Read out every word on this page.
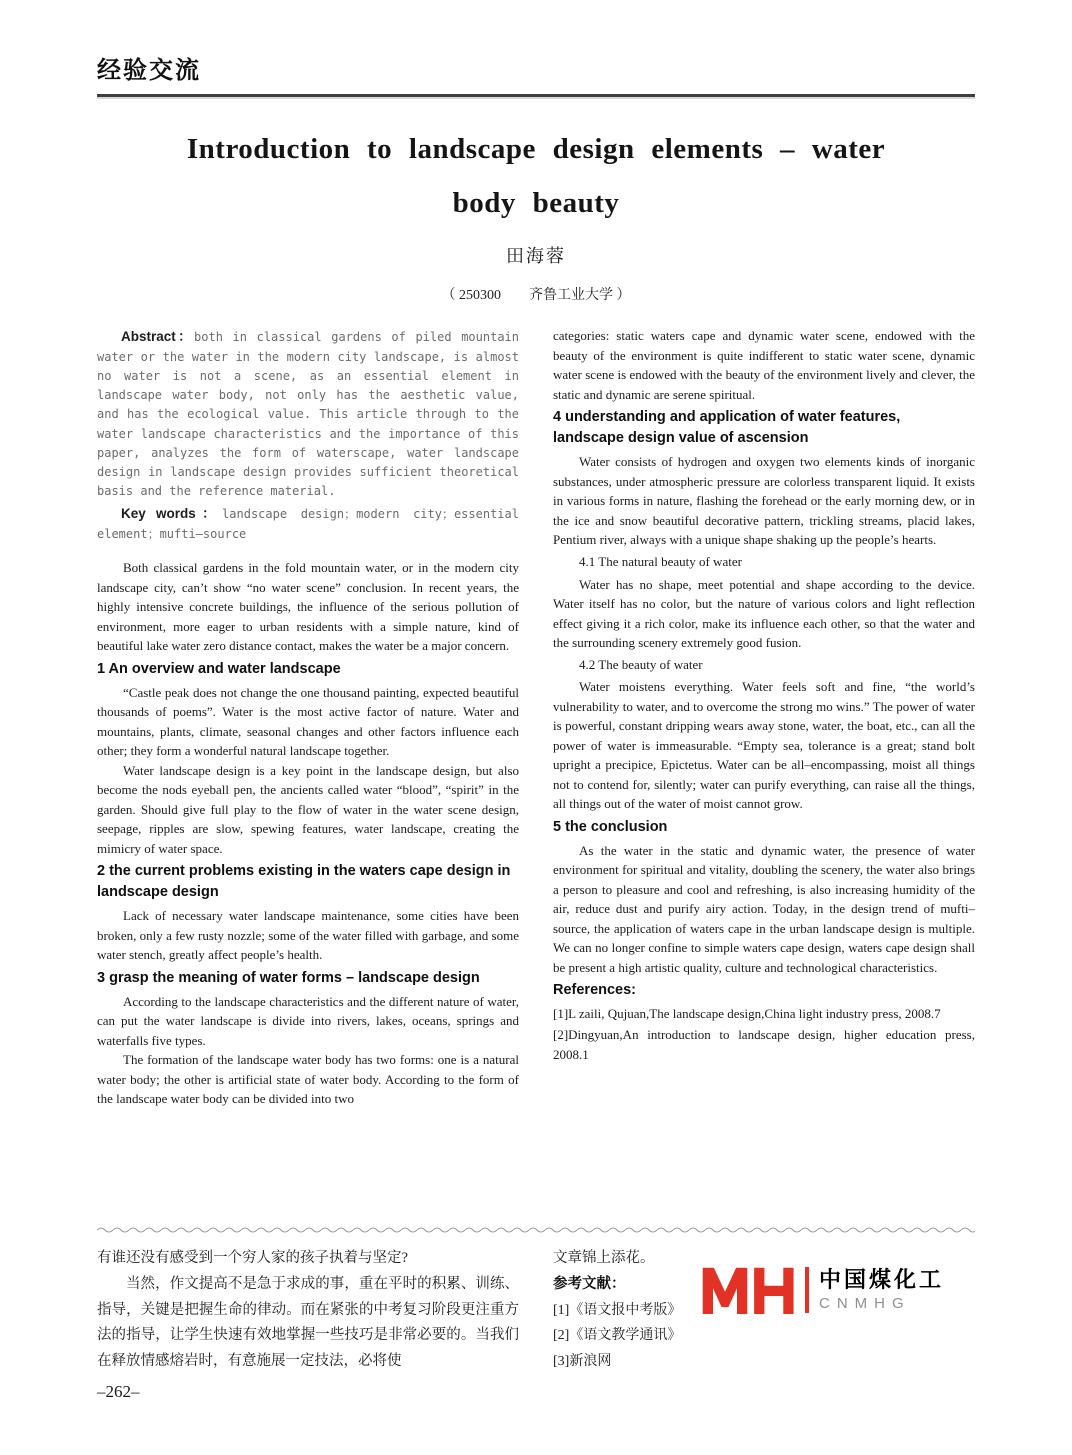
经验交流
Introduction to landscape design elements – water
body beauty
田海蓉
（ 250300　　齐鲁工业大学 ）

Abstract：both in classical gardens of piled mountain water or the water in the modern city landscape, is almost no water is not a scene, as an essential element in landscape water body, not only has the aesthetic value, and has the ecological value. This article through to the water landscape characteristics and the importance of this paper, analyzes the form of waterscape, water landscape design in landscape design provides sufficient theoretical basis and the reference material.

Key words：landscape design；modern city；essential element；mufti–source

Both classical gardens in the fold mountain water, or in the modern city landscape city, can’t show “no water scene” conclusion. In recent years, the highly intensive concrete buildings, the influence of the serious pollution of environment, more eager to urban residents with a simple nature, kind of beautiful lake water zero distance contact, makes the water be a major concern.

1 An overview and water landscape

“Castle peak does not change the one thousand painting, expected beautiful thousands of poems”. Water is the most active factor of nature. Water and mountains, plants, climate, seasonal changes and other factors influence each other; they form a wonderful natural landscape together.

Water landscape design is a key point in the landscape design, but also become the nods eyeball pen, the ancients called water “blood”, “spirit” in the garden. Should give full play to the flow of water in the water scene design, seepage, ripples are slow, spewing features, water landscape, creating the mimicry of water space.

2 the current problems existing in the waters cape design in landscape design

Lack of necessary water landscape maintenance, some cities have been broken, only a few rusty nozzle; some of the water filled with garbage, and some water stench, greatly affect people’s health.

3 grasp the meaning of water forms – landscape design

According to the landscape characteristics and the different nature of water, can put the water landscape is divide into rivers, lakes, oceans, springs and waterfalls five types.

The formation of the landscape water body has two forms: one is a natural water body; the other is artificial state of water body. According to the form of the landscape water body can be divided into two

categories: static waters cape and dynamic water scene, endowed with the beauty of the environment is quite indifferent to static water scene, dynamic water scene is endowed with the beauty of the environment lively and clever, the static and dynamic are serene spiritual.

4 understanding and application of water features, landscape design value of ascension

Water consists of hydrogen and oxygen two elements kinds of inorganic substances, under atmospheric pressure are colorless transparent liquid. It exists in various forms in nature, flashing the forehead or the early morning dew, or in the ice and snow beautiful decorative pattern, trickling streams, placid lakes, Pentium river, always with a unique shape shaking up the people’s hearts.

4.1 The natural beauty of water

Water has no shape, meet potential and shape according to the device. Water itself has no color, but the nature of various colors and light reflection effect giving it a rich color, make its influence each other, so that the water and the surrounding scenery extremely good fusion.

4.2 The beauty of water

Water moistens everything. Water feels soft and fine, “the world’s vulnerability to water, and to overcome the strong mo wins.” The power of water is powerful, constant dripping wears away stone, water, the boat, etc., can all the power of water is immeasurable. “Empty sea, tolerance is a great; stand bolt upright a precipice, Epictetus. Water can be all–encompassing, moist all things not to contend for, silently; water can purify everything, can raise all the things, all things out of the water of moist cannot grow.

5 the conclusion

As the water in the static and dynamic water, the presence of water environment for spiritual and vitality, doubling the scenery, the water also brings a person to pleasure and cool and refreshing, is also increasing humidity of the air, reduce dust and purify airy action. Today, in the design trend of mufti–source, the application of waters cape in the urban landscape design is multiple. We can no longer confine to simple waters cape design, waters cape design shall be present a high artistic quality, culture and technological characteristics.

References:

[1]L zaili, Qujuan,The landscape design,China light industry press, 2008.7

[2]Dingyuan,An introduction to landscape design, higher education press, 2008.1

有谁还没有感受到一个穷人家的孩子执着与坚定?

当然，作文提高不是急于求成的事，重在平时的积累、训练、指导，关键是把握生命的律动。而在紧张的中考复习阶段更注重方法的指导，让学生快速有效地掌握一些技巧是非常必要的。当我们在释放情感熔岩时，有意施展一定技法，必将使

文章锦上添花。

参考文献：

[1]《语文报中考版》

[2]《语文教学通讯》

[3]新浪网

中国煤化工
CNMHG
–262–
